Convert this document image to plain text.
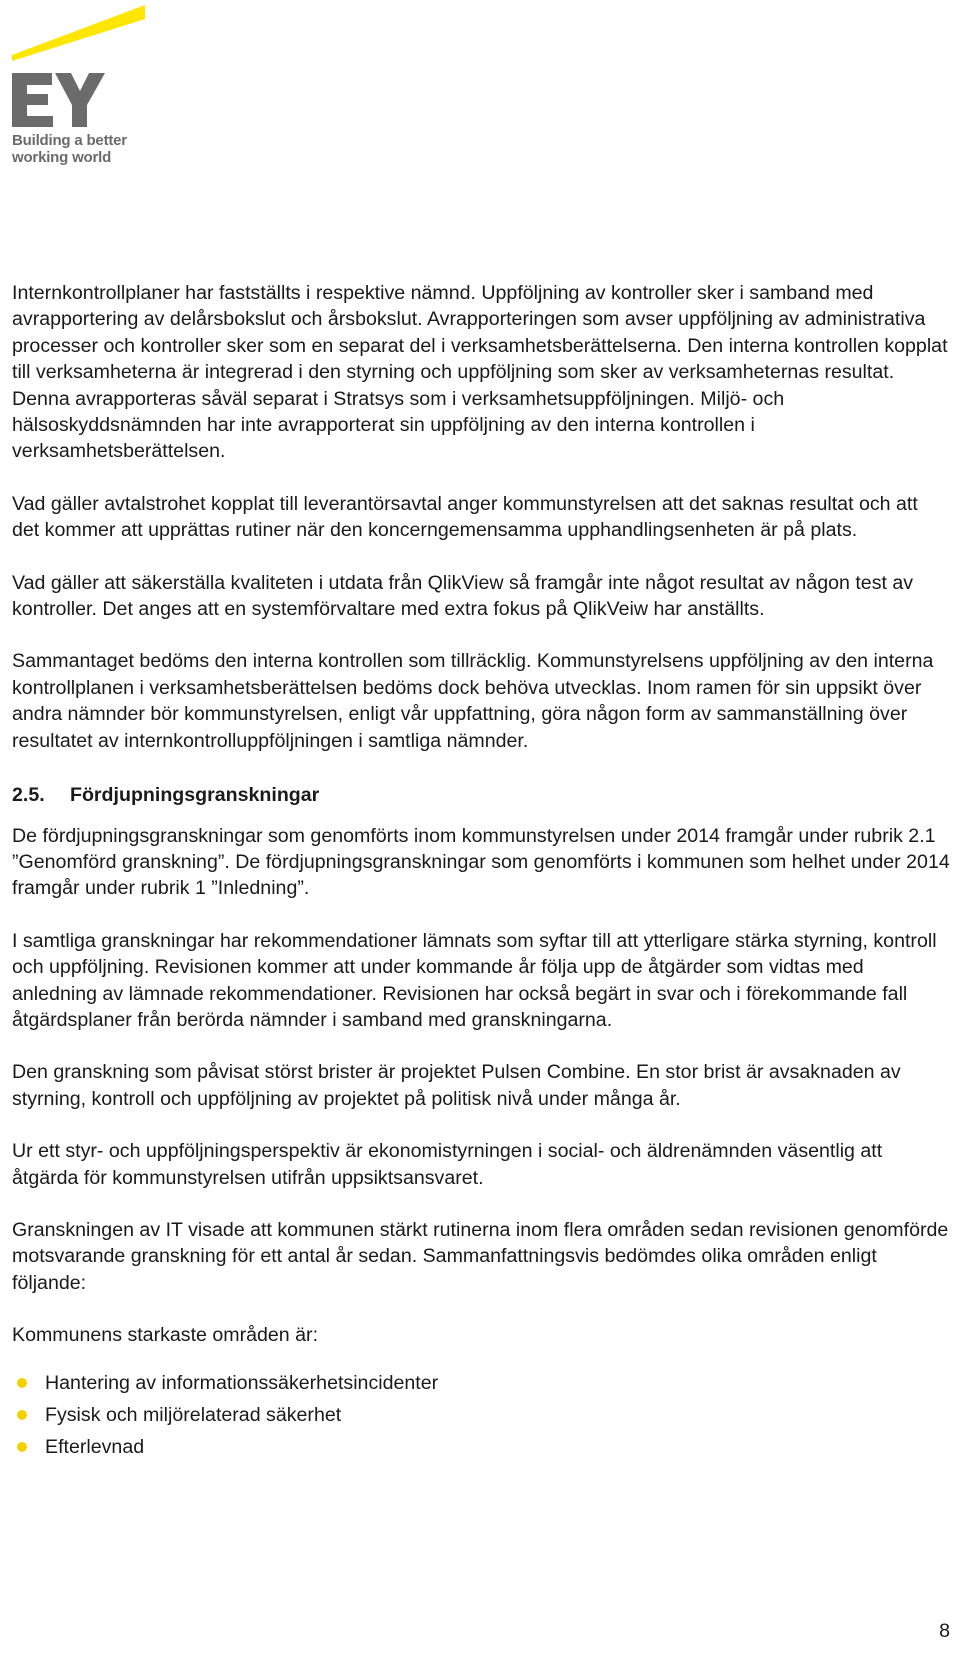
Building a better
working world

Internkontrollplaner har fastställts i respektive nämnd. Uppföljning av kontroller sker i samband med avrapportering av delårsbokslut och årsbokslut. Avrapporteringen som avser uppföljning av administrativa processer och kontroller sker som en separat del i verksamhetsberättelserna. Den interna kontrollen kopplat till verksamheterna är integrerad i den styrning och uppföljning som sker av verksamheternas resultat. Denna avrapporteras såväl separat i Stratsys som i verksamhetsuppföljningen. Miljö- och hälsoskyddsnämnden har inte avrapporterat sin uppföljning av den interna kontrollen i verksamhetsberättelsen.

Vad gäller avtalstrohet kopplat till leverantörsavtal anger kommunstyrelsen att det saknas resultat och att det kommer att upprättas rutiner när den koncerngemensamma upphandlingsenheten är på plats.

Vad gäller att säkerställa kvaliteten i utdata från QlikView så framgår inte något resultat av någon test av kontroller. Det anges att en systemförvaltare med extra fokus på QlikVeiw har anställts.

Sammantaget bedöms den interna kontrollen som tillräcklig. Kommunstyrelsens uppföljning av den interna kontrollplanen i verksamhetsberättelsen bedöms dock behöva utvecklas. Inom ramen för sin uppsikt över andra nämnder bör kommunstyrelsen, enligt vår uppfattning, göra någon form av sammanställning över resultatet av internkontrolluppföljningen i samtliga nämnder.

2.5.	Fördjupningsgranskningar

De fördjupningsgranskningar som genomförts inom kommunstyrelsen under 2014 framgår under rubrik 2.1 ”Genomförd granskning”. De fördjupningsgranskningar som genomförts i kommunen som helhet under 2014 framgår under rubrik 1 ”Inledning”.

I samtliga granskningar har rekommendationer lämnats som syftar till att ytterligare stärka styrning, kontroll och uppföljning. Revisionen kommer att under kommande år följa upp de åtgärder som vidtas med anledning av lämnade rekommendationer. Revisionen har också begärt in svar och i förekommande fall åtgärdsplaner från berörda nämnder i samband med granskningarna.

Den granskning som påvisat störst brister är projektet Pulsen Combine. En stor brist är avsaknaden av styrning, kontroll och uppföljning av projektet på politisk nivå under många år.

Ur ett styr- och uppföljningsperspektiv är ekonomistyrningen i social- och äldrenämnden väsentlig att åtgärda för kommunstyrelsen utifrån uppsiktsansvaret.

Granskningen av IT visade att kommunen stärkt rutinerna inom flera områden sedan revisionen genomförde motsvarande granskning för ett antal år sedan. Sammanfattningsvis bedömdes olika områden enligt följande:

Kommunens starkaste områden är:

Hantering av informationssäkerhetsincidenter
Fysisk och miljörelaterad säkerhet
Efterlevnad
8
